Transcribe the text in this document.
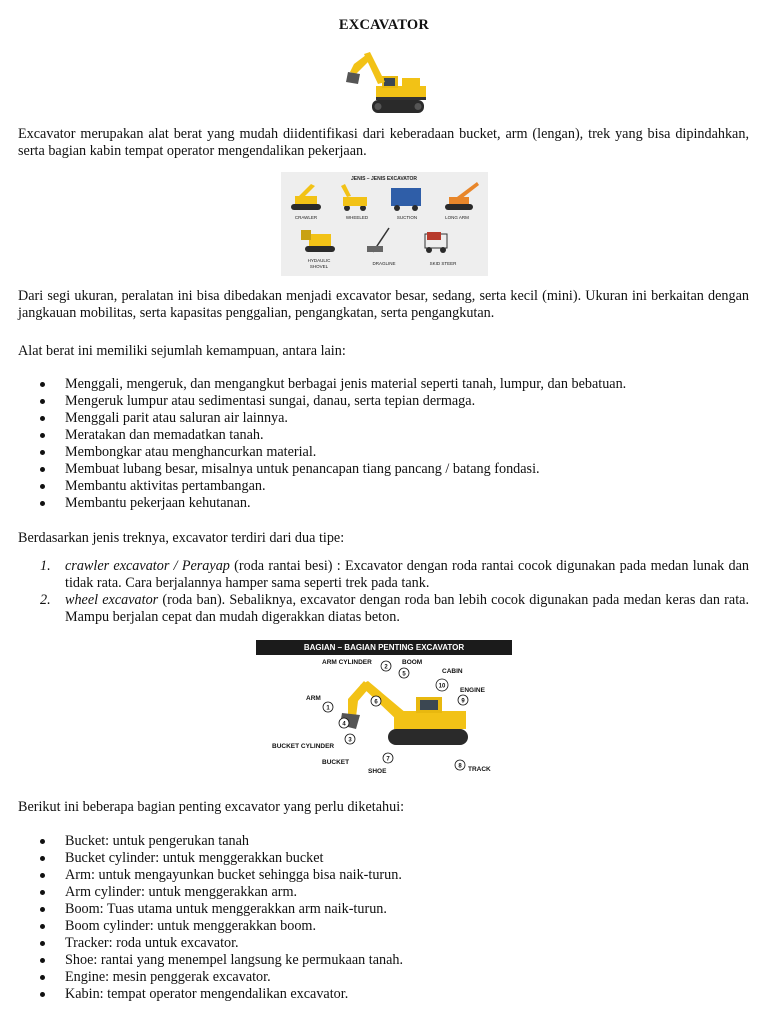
EXCAVATOR

Excavator merupakan alat berat yang mudah diidentifikasi dari keberadaan bucket, arm (lengan), trek yang bisa dipindahkan, serta bagian kabin tempat operator mengendalikan pekerjaan.

JENIS – JENIS EXCAVATOR
CRAWLER	WHEELED	SUCTION	LONG ARM
HYDAULIC
SHOVEL
DRAGLINE	SKID STEER

Dari segi ukuran, peralatan ini bisa dibedakan menjadi excavator besar, sedang, serta kecil (mini). Ukuran ini berkaitan dengan jangkauan mobilitas, serta kapasitas penggalian, pengangkatan, serta pengangkutan.

Alat berat ini memiliki sejumlah kemampuan, antara lain:

Menggali, mengeruk, dan mengangkut berbagai jenis material seperti tanah, lumpur, dan bebatuan.
Mengeruk lumpur atau sedimentasi sungai, danau, serta tepian dermaga.
Menggali parit atau saluran air lainnya.
Meratakan dan memadatkan tanah.
Membongkar atau menghancurkan material.
Membuat lubang besar, misalnya untuk penancapan tiang pancang / batang fondasi.
Membantu aktivitas pertambangan.
Membantu pekerjaan kehutanan.

Berdasarkan jenis treknya, excavator terdiri dari dua tipe:

1. crawler excavator / Perayap (roda rantai besi) : Excavator dengan roda rantai cocok digunakan pada medan lunak dan tidak rata. Cara berjalannya hamper sama seperti trek pada tank.
2. wheel excavator (roda ban). Sebaliknya, excavator dengan roda ban lebih cocok digunakan pada medan keras dan rata. Mampu berjalan cepat dan mudah digerakkan diatas beton.
BAGIAN – BAGIAN PENTING EXCAVATOR
ARM
1
ARM CYLINDER
2
BUCKET
3
BUCKET CYLINDER
4
BOOM
5
6
SHOE
7
TRACK
8
ENGINE
9
CABIN
10

Berikut ini beberapa bagian penting excavator yang perlu diketahui:

Bucket: untuk pengerukan tanah
Bucket cylinder: untuk menggerakkan bucket
Arm: untuk mengayunkan bucket sehingga bisa naik-turun.
Arm cylinder: untuk menggerakkan arm.
Boom: Tuas utama untuk menggerakkan arm naik-turun.
Boom cylinder: untuk menggerakkan boom.
Tracker: roda untuk excavator.
Shoe: rantai yang menempel langsung ke permukaan tanah.
Engine: mesin penggerak excavator.
Kabin: tempat operator mengendalikan excavator.
